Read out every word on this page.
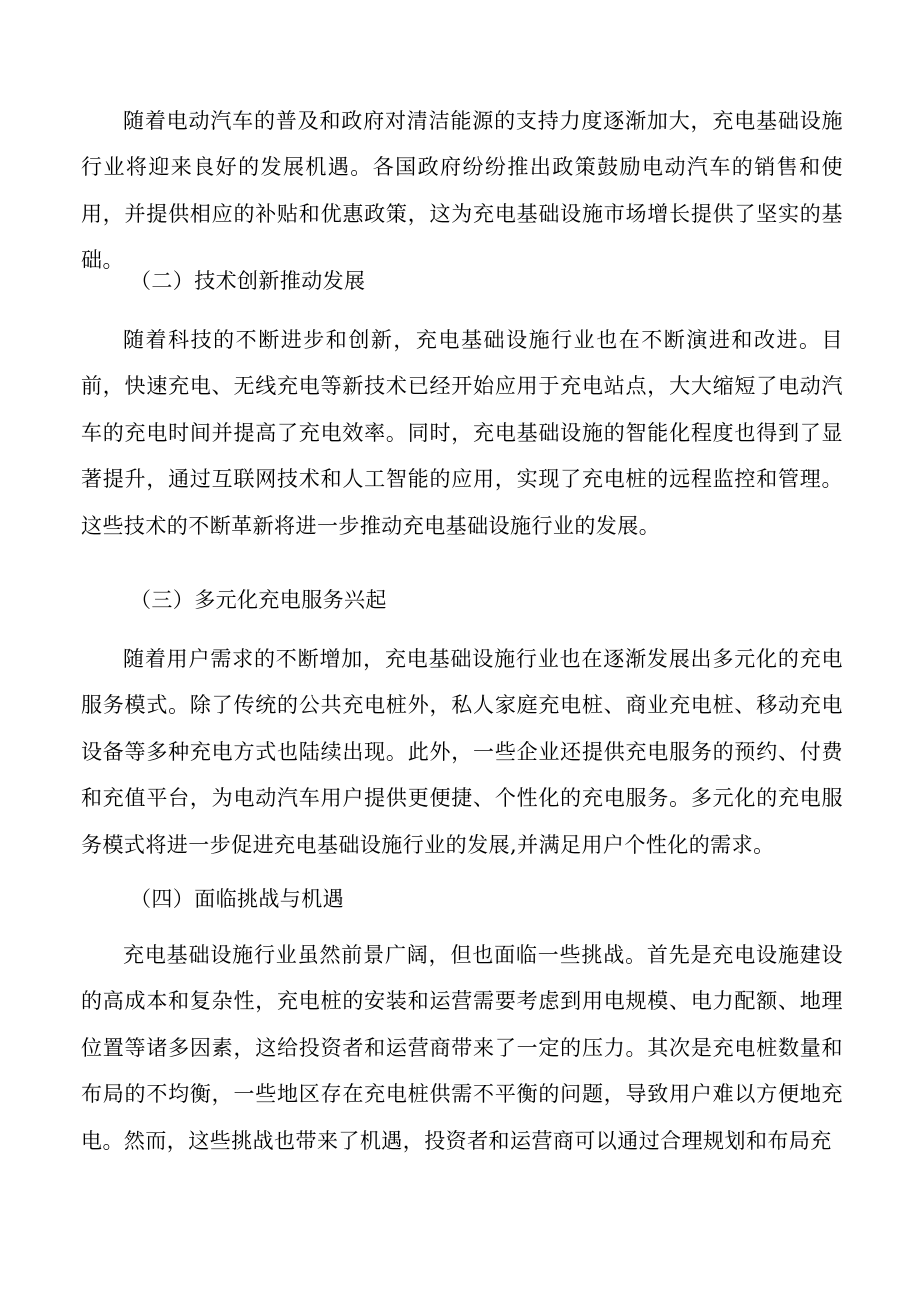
随着电动汽车的普及和政府对清洁能源的支持力度逐渐加大，充电基础设施行业将迎来良好的发展机遇。各国政府纷纷推出政策鼓励电动汽车的销售和使用，并提供相应的补贴和优惠政策，这为充电基础设施市场增长提供了坚实的基础。

（二）技术创新推动发展

随着科技的不断进步和创新，充电基础设施行业也在不断演进和改进。目前，快速充电、无线充电等新技术已经开始应用于充电站点，大大缩短了电动汽车的充电时间并提高了充电效率。同时，充电基础设施的智能化程度也得到了显著提升，通过互联网技术和人工智能的应用，实现了充电桩的远程监控和管理。这些技术的不断革新将进一步推动充电基础设施行业的发展。

（三）多元化充电服务兴起

随着用户需求的不断增加，充电基础设施行业也在逐渐发展出多元化的充电服务模式。除了传统的公共充电桩外，私人家庭充电桩、商业充电桩、移动充电设备等多种充电方式也陆续出现。此外，一些企业还提供充电服务的预约、付费和充值平台，为电动汽车用户提供更便捷、个性化的充电服务。多元化的充电服务模式将进一步促进充电基础设施行业的发展,并满足用户个性化的需求。

（四）面临挑战与机遇

充电基础设施行业虽然前景广阔，但也面临一些挑战。首先是充电设施建设的高成本和复杂性，充电桩的安装和运营需要考虑到用电规模、电力配额、地理位置等诸多因素，这给投资者和运营商带来了一定的压力。其次是充电桩数量和布局的不均衡，一些地区存在充电桩供需不平衡的问题，导致用户难以方便地充电。然而，这些挑战也带来了机遇，投资者和运营商可以通过合理规划和布局充
